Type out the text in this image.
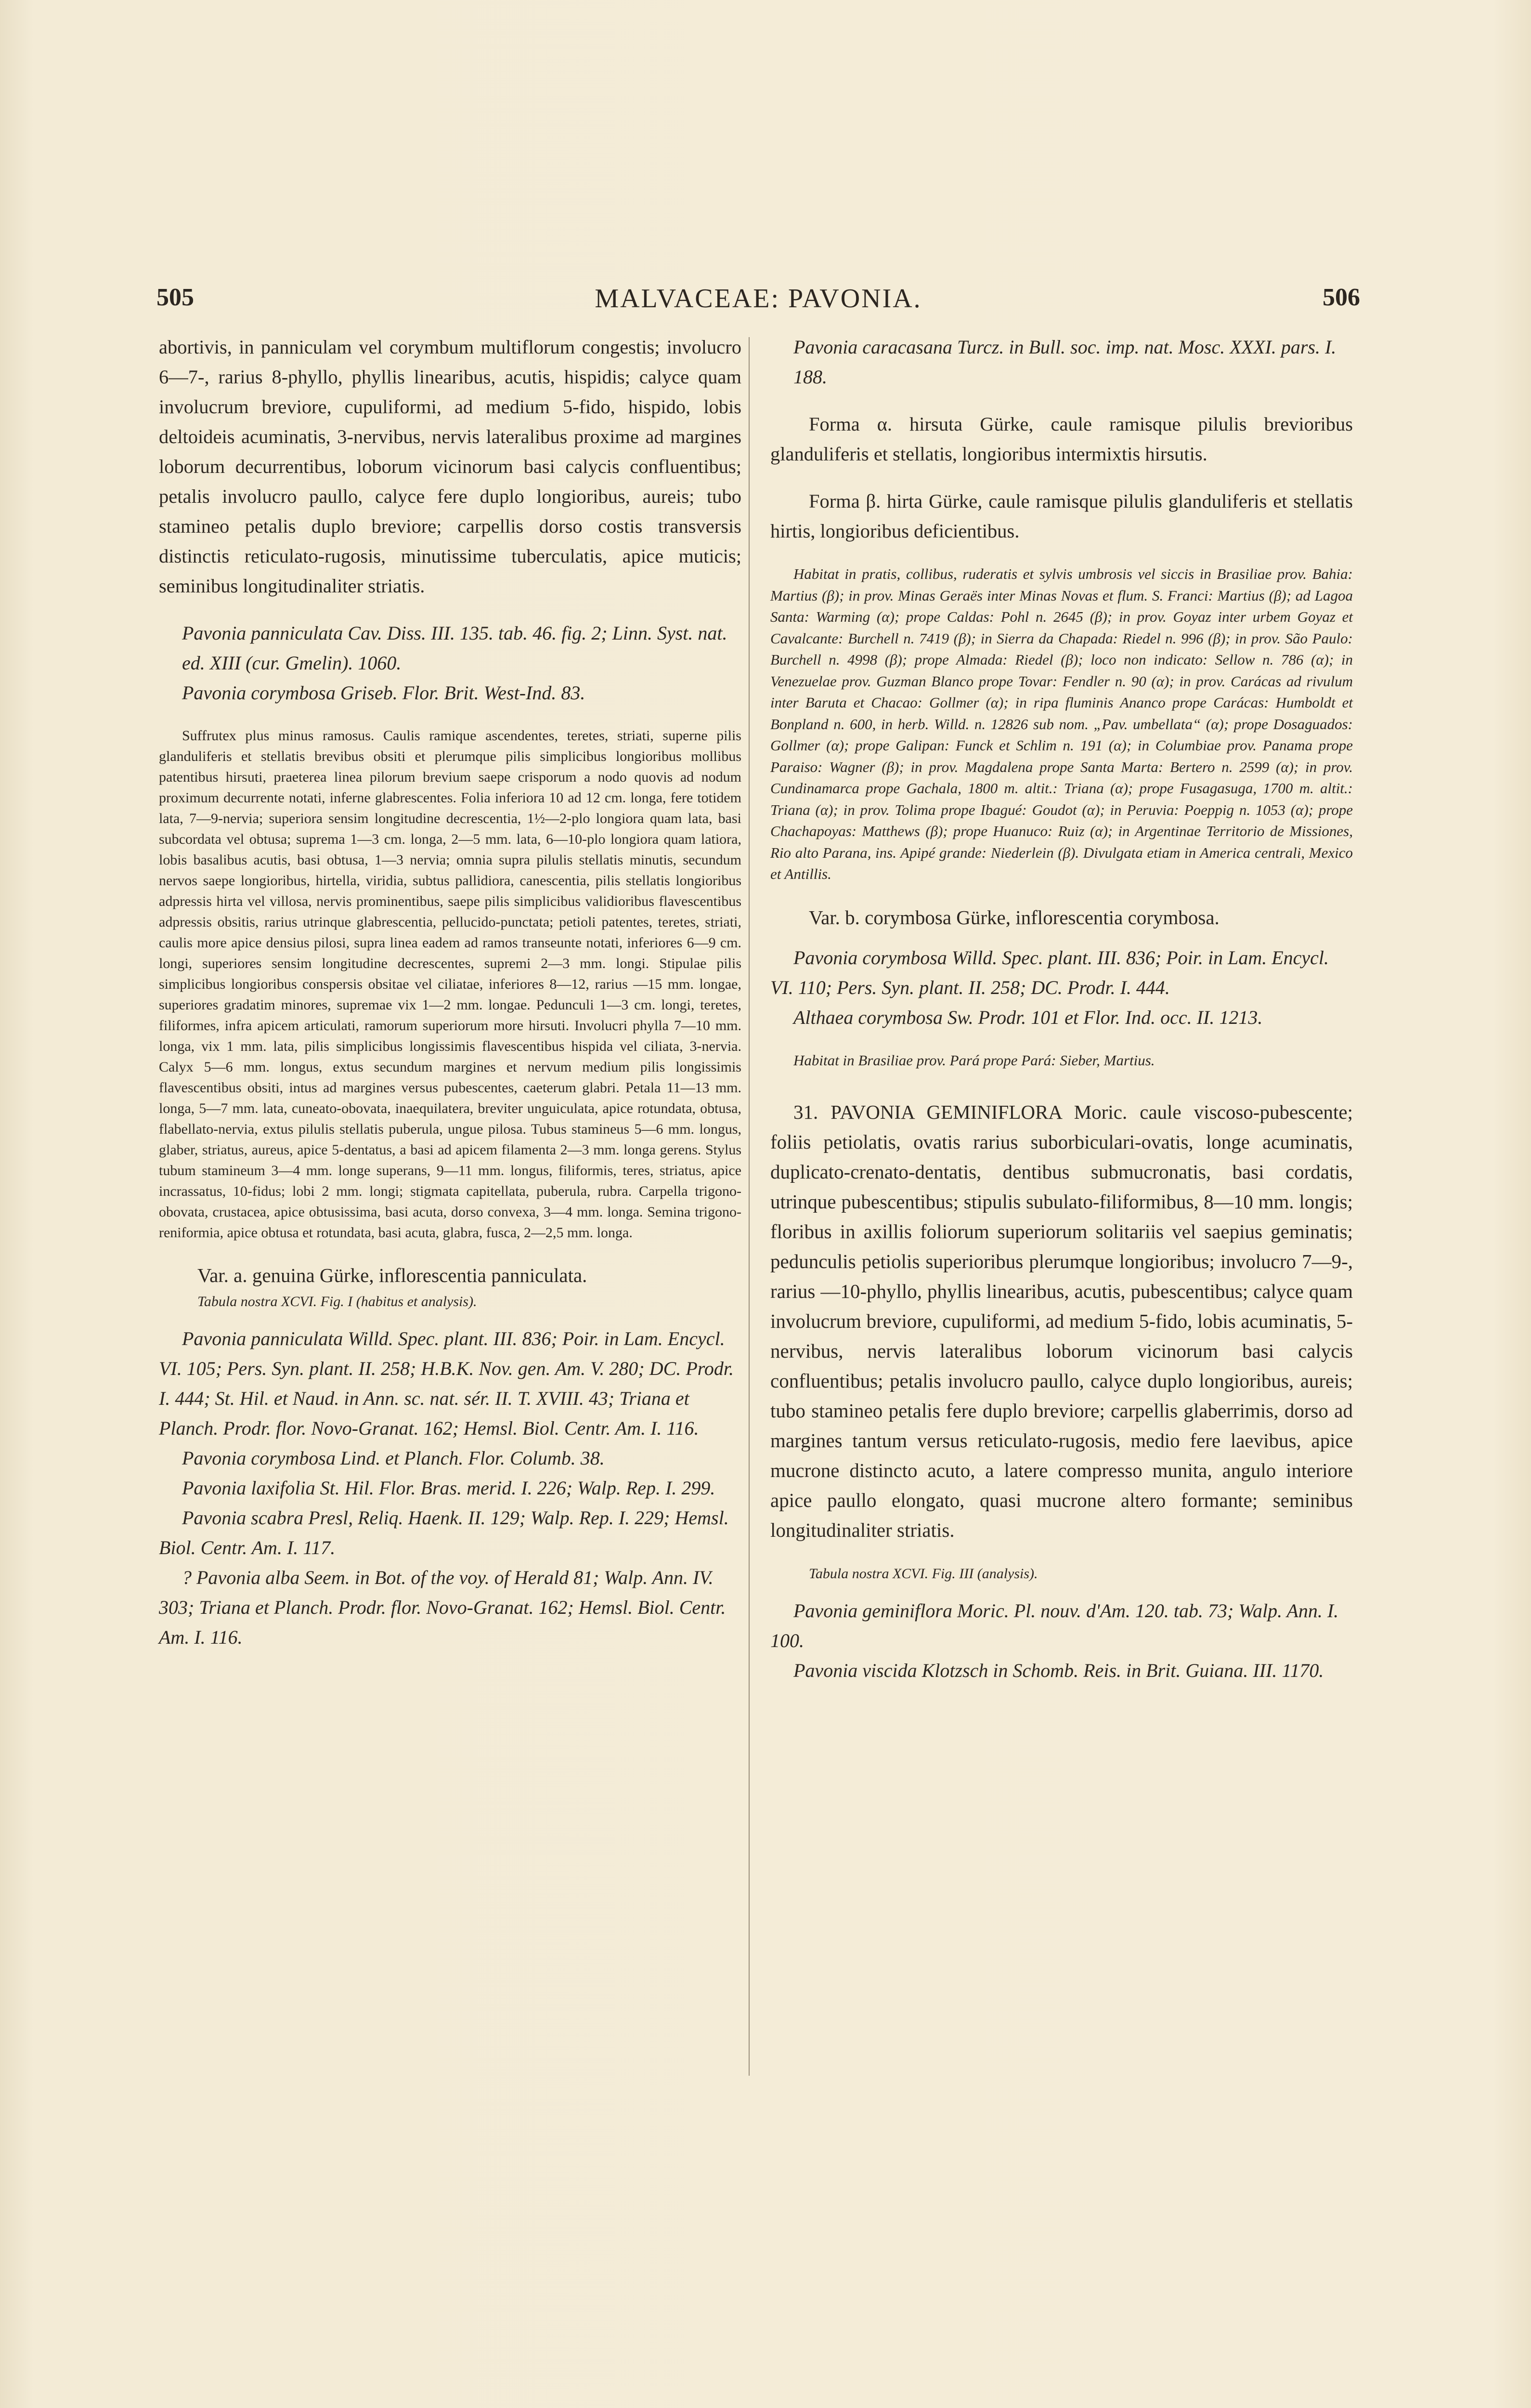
505	MALVACEAE: PAVONIA.	506

abortivis, in panniculam vel corymbum multiflorum congestis; involucro 6—7-, rarius 8-phyllo, phyllis linearibus, acutis, hispidis; calyce quam involucrum breviore, cupuliformi, ad medium 5-fido, hispido, lobis deltoideis acuminatis, 3-nervibus, nervis lateralibus proxime ad margines loborum decurrentibus, loborum vicinorum basi calycis confluentibus; petalis involucro paullo, calyce fere duplo longioribus, aureis; tubo stamineo petalis duplo breviore; carpellis dorso costis transversis distinctis reticulato-rugosis, minutissime tuberculatis, apice muticis; seminibus longitudinaliter striatis.

Pavonia panniculata Cav. Diss. III. 135. tab. 46. fig. 2; Linn. Syst. nat. ed. XIII (cur. Gmelin). 1060.

Pavonia corymbosa Griseb. Flor. Brit. West-Ind. 83.

Suffrutex plus minus ramosus. Caulis ramique ascendentes, teretes, striati, superne pilis glanduliferis et stellatis brevibus obsiti et plerumque pilis simplicibus longioribus mollibus patentibus hirsuti, praeterea linea pilorum brevium saepe crisporum a nodo quovis ad nodum proximum decurrente notati, inferne glabrescentes. Folia inferiora 10 ad 12 cm. longa, fere totidem lata, 7—9-nervia; superiora sensim longitudine decrescentia, 1½—2-plo longiora quam lata, basi subcordata vel obtusa; suprema 1—3 cm. longa, 2—5 mm. lata, 6—10-plo longiora quam latiora, lobis basalibus acutis, basi obtusa, 1—3 nervia; omnia supra pilulis stellatis minutis, secundum nervos saepe longioribus, hirtella, viridia, subtus pallidiora, canescentia, pilis stellatis longioribus adpressis hirta vel villosa, nervis prominentibus, saepe pilis simplicibus validioribus flavescentibus adpressis obsitis, rarius utrinque glabrescentia, pellucido-punctata; petioli patentes, teretes, striati, caulis more apice densius pilosi, supra linea eadem ad ramos transeunte notati, inferiores 6—9 cm. longi, superiores sensim longitudine decrescentes, supremi 2—3 mm. longi. Stipulae pilis simplicibus longioribus conspersis obsitae vel ciliatae, inferiores 8—12, rarius —15 mm. longae, superiores gradatim minores, supremae vix 1—2 mm. longae. Pedunculi 1—3 cm. longi, teretes, filiformes, infra apicem articulati, ramorum superiorum more hirsuti. Involucri phylla 7—10 mm. longa, vix 1 mm. lata, pilis simplicibus longissimis flavescentibus hispida vel ciliata, 3-nervia. Calyx 5—6 mm. longus, extus secundum margines et nervum medium pilis longissimis flavescentibus obsiti, intus ad margines versus pubescentes, caeterum glabri. Petala 11—13 mm. longa, 5—7 mm. lata, cuneato-obovata, inaequilatera, breviter unguiculata, apice rotundata, obtusa, flabellato-nervia, extus pilulis stellatis puberula, ungue pilosa. Tubus stamineus 5—6 mm. longus, glaber, striatus, aureus, apice 5-dentatus, a basi ad apicem filamenta 2—3 mm. longa gerens. Stylus tubum stamineum 3—4 mm. longe superans, 9—11 mm. longus, filiformis, teres, striatus, apice incrassatus, 10-fidus; lobi 2 mm. longi; stigmata capitellata, puberula, rubra. Carpella trigono-obovata, crustacea, apice obtusissima, basi acuta, dorso convexa, 3—4 mm. longa. Semina trigono-reniformia, apice obtusa et rotundata, basi acuta, glabra, fusca, 2—2,5 mm. longa.

Var. a. genuina Gürke, inflorescentia panniculata.

Tabula nostra XCVI. Fig. I (habitus et analysis).

Pavonia panniculata Willd. Spec. plant. III. 836; Poir. in Lam. Encycl. VI. 105; Pers. Syn. plant. II. 258; H.B.K. Nov. gen. Am. V. 280; DC. Prodr. I. 444; St. Hil. et Naud. in Ann. sc. nat. sér. II. T. XVIII. 43; Triana et Planch. Prodr. flor. Novo-Granat. 162; Hemsl. Biol. Centr. Am. I. 116.

Pavonia corymbosa Lind. et Planch. Flor. Columb. 38.

Pavonia laxifolia St. Hil. Flor. Bras. merid. I. 226; Walp. Rep. I. 299.

Pavonia scabra Presl, Reliq. Haenk. II. 129; Walp. Rep. I. 229; Hemsl. Biol. Centr. Am. I. 117.

? Pavonia alba Seem. in Bot. of the voy. of Herald 81; Walp. Ann. IV. 303; Triana et Planch. Prodr. flor. Novo-Granat. 162; Hemsl. Biol. Centr. Am. I. 116.

Pavonia caracasana Turcz. in Bull. soc. imp. nat. Mosc. XXXI. pars. I. 188.

Forma α. hirsuta Gürke, caule ramisque pilulis brevioribus glanduliferis et stellatis, longioribus intermixtis hirsutis.

Forma β. hirta Gürke, caule ramisque pilulis glanduliferis et stellatis hirtis, longioribus deficientibus.

Habitat in pratis, collibus, ruderatis et sylvis umbrosis vel siccis in Brasiliae prov. Bahia: Martius (β); in prov. Minas Geraës inter Minas Novas et flum. S. Franci: Martius (β); ad Lagoa Santa: Warming (α); prope Caldas: Pohl n. 2645 (β); in prov. Goyaz inter urbem Goyaz et Cavalcante: Burchell n. 7419 (β); in Sierra da Chapada: Riedel n. 996 (β); in prov. São Paulo: Burchell n. 4998 (β); prope Almada: Riedel (β); loco non indicato: Sellow n. 786 (α); in Venezuelae prov. Guzman Blanco prope Tovar: Fendler n. 90 (α); in prov. Carácas ad rivulum inter Baruta et Chacao: Gollmer (α); in ripa fluminis Ananco prope Carácas: Humboldt et Bonpland n. 600, in herb. Willd. n. 12826 sub nom. „Pav. umbellata“ (α); prope Dosaguados: Gollmer (α); prope Galipan: Funck et Schlim n. 191 (α); in Columbiae prov. Panama prope Paraiso: Wagner (β); in prov. Magdalena prope Santa Marta: Bertero n. 2599 (α); in prov. Cundinamarca prope Gachala, 1800 m. altit.: Triana (α); prope Fusagasuga, 1700 m. altit.: Triana (α); in prov. Tolima prope Ibagué: Goudot (α); in Peruvia: Poeppig n. 1053 (α); prope Chachapoyas: Matthews (β); prope Huanuco: Ruiz (α); in Argentinae Territorio de Missiones, Rio alto Parana, ins. Apipé grande: Niederlein (β). Divulgata etiam in America centrali, Mexico et Antillis.

Var. b. corymbosa Gürke, inflorescentia corymbosa.

Pavonia corymbosa Willd. Spec. plant. III. 836; Poir. in Lam. Encycl. VI. 110; Pers. Syn. plant. II. 258; DC. Prodr. I. 444.

Althaea corymbosa Sw. Prodr. 101 et Flor. Ind. occ. II. 1213.

Habitat in Brasiliae prov. Pará prope Pará: Sieber, Martius.

31. PAVONIA GEMINIFLORA Moric. caule viscoso-pubescente; foliis petiolatis, ovatis rarius suborbiculari-ovatis, longe acuminatis, duplicato-crenato-dentatis, dentibus submucronatis, basi cordatis, utrinque pubescentibus; stipulis subulato-filiformibus, 8—10 mm. longis; floribus in axillis foliorum superiorum solitariis vel saepius geminatis; pedunculis petiolis superioribus plerumque longioribus; involucro 7—9-, rarius —10-phyllo, phyllis linearibus, acutis, pubescentibus; calyce quam involucrum breviore, cupuliformi, ad medium 5-fido, lobis acuminatis, 5-nervibus, nervis lateralibus loborum vicinorum basi calycis confluentibus; petalis involucro paullo, calyce duplo longioribus, aureis; tubo stamineo petalis fere duplo breviore; carpellis glaberrimis, dorso ad margines tantum versus reticulato-rugosis, medio fere laevibus, apice mucrone distincto acuto, a latere compresso munita, angulo interiore apice paullo elongato, quasi mucrone altero formante; seminibus longitudinaliter striatis.

Tabula nostra XCVI. Fig. III (analysis).

Pavonia geminiflora Moric. Pl. nouv. d'Am. 120. tab. 73; Walp. Ann. I. 100.

Pavonia viscida Klotzsch in Schomb. Reis. in Brit. Guiana. III. 1170.
